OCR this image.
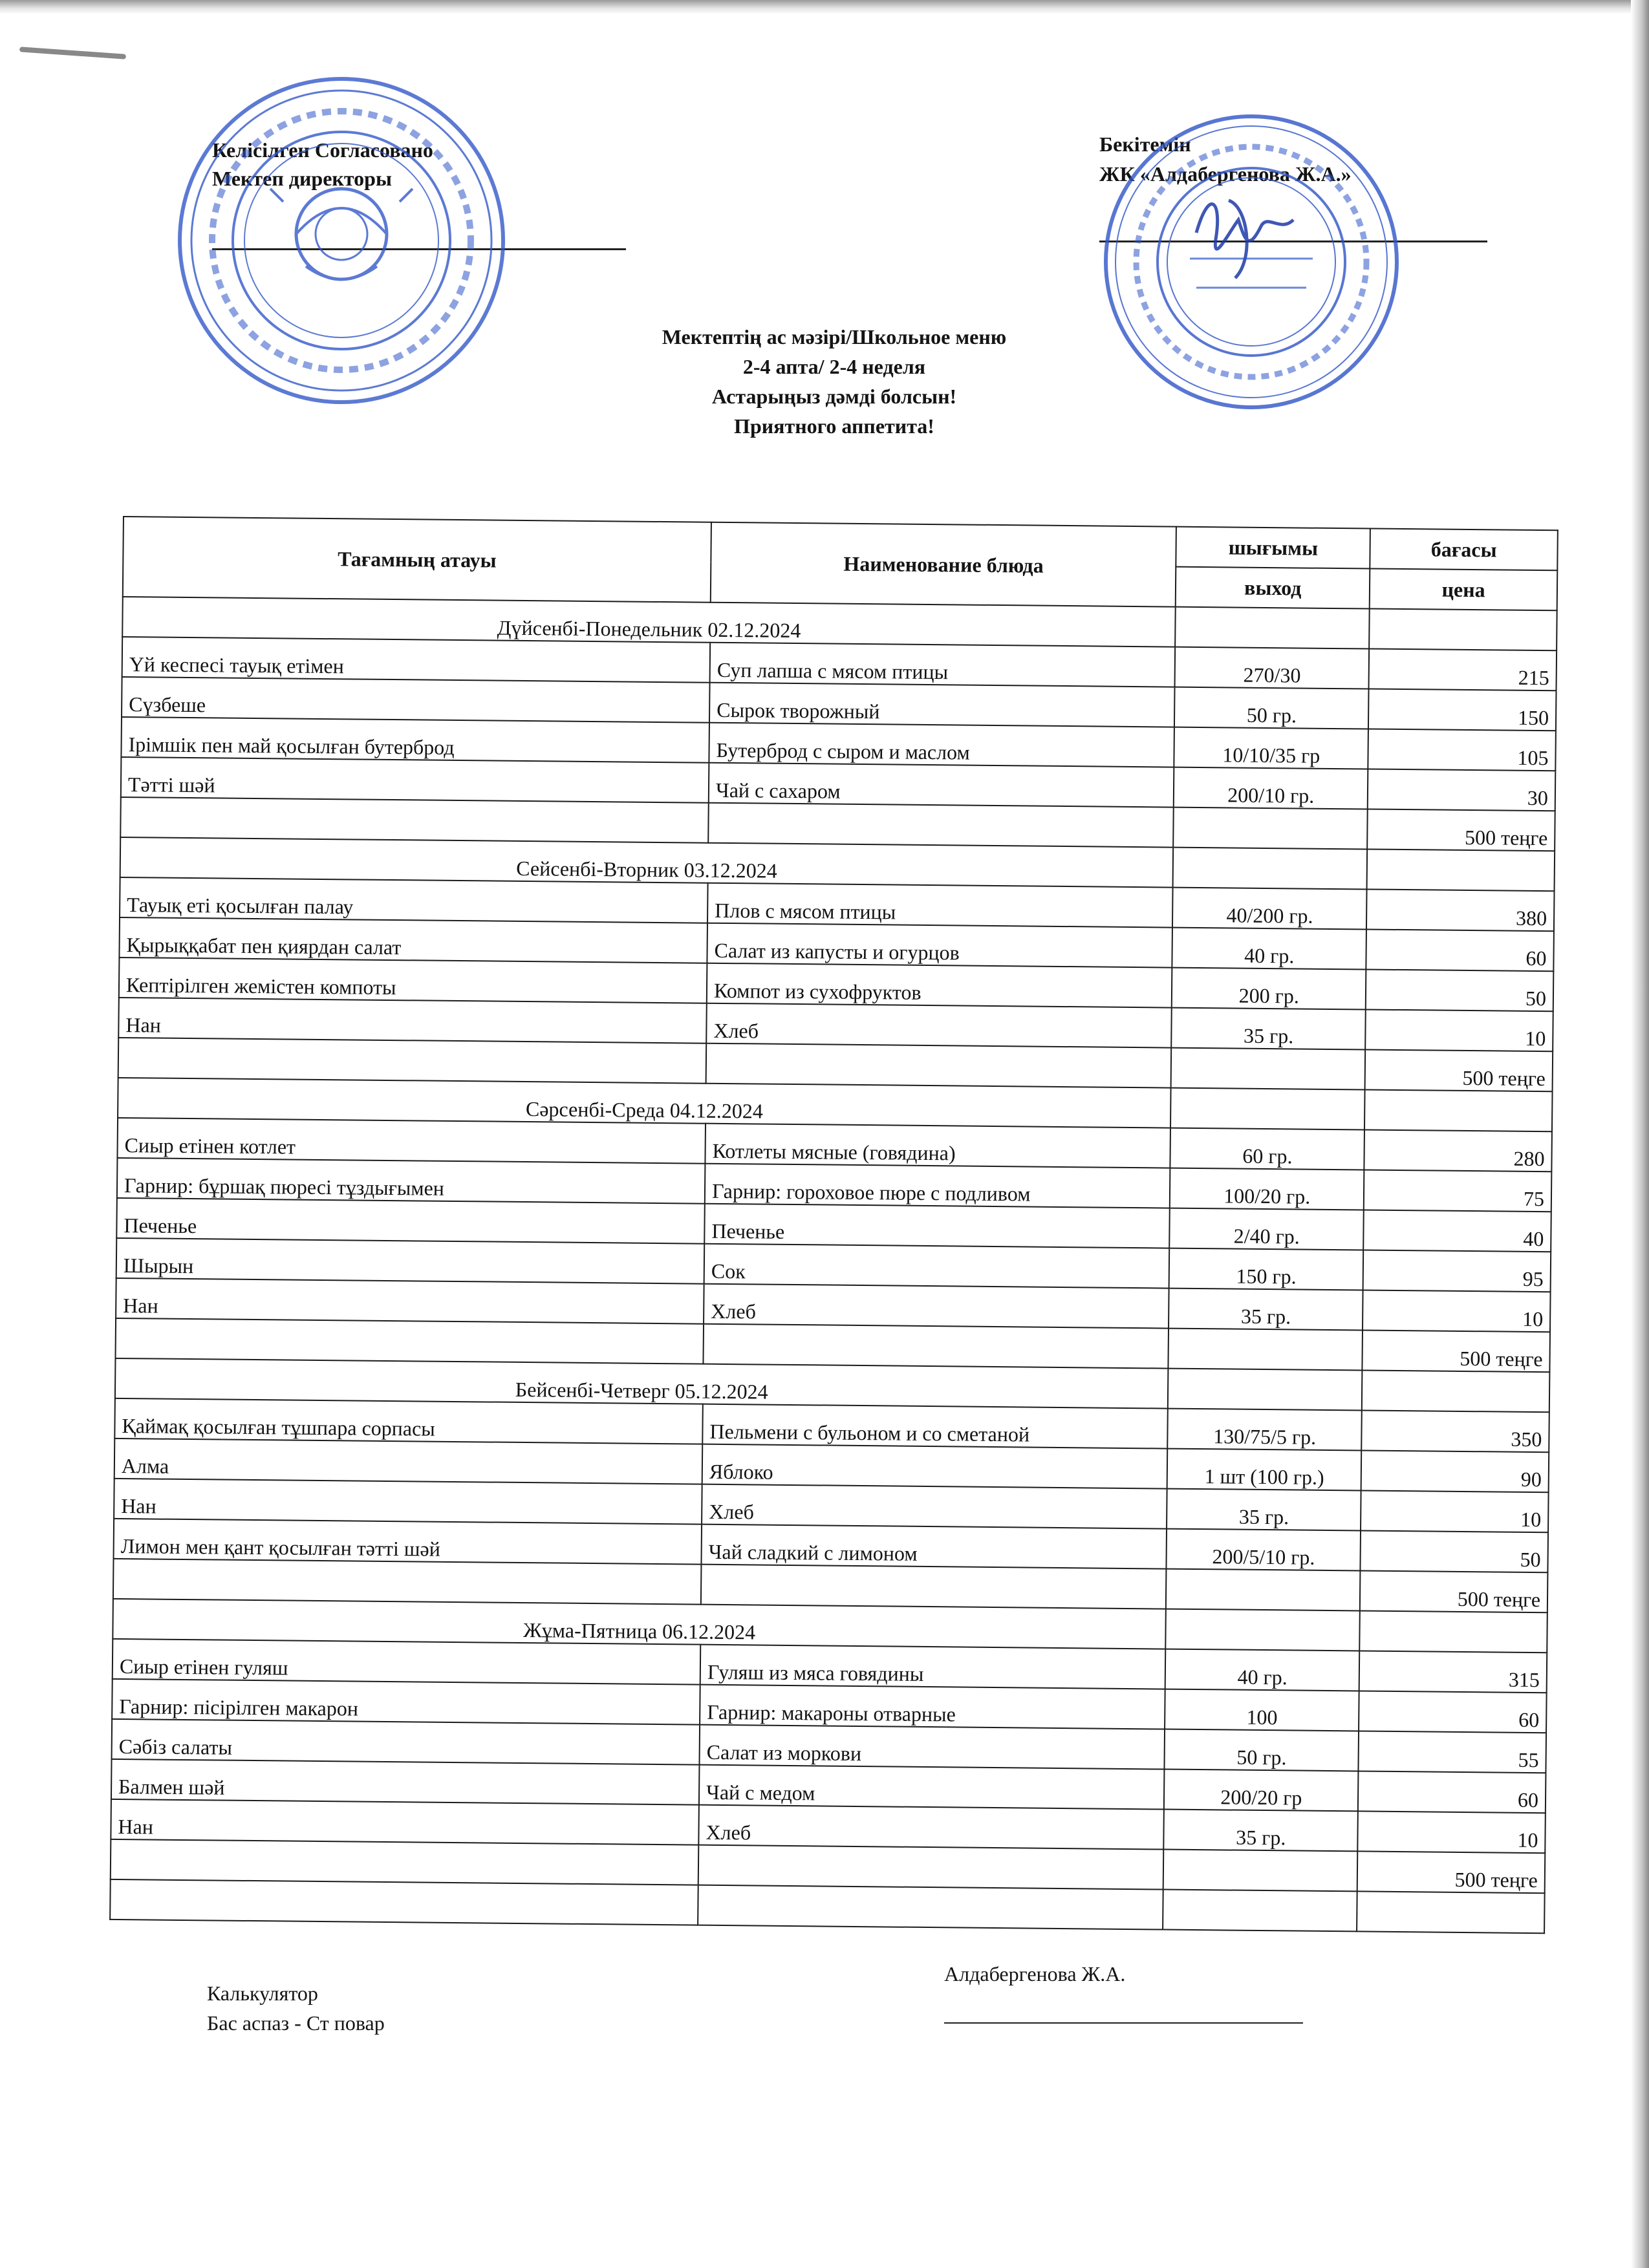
Келісілген Согласовано
Мектеп директоры
Бекітемін
ЖК «Алдабергенова Ж.А.»
Мектептің ас мәзірі/Школьное меню
2-4 апта/ 2-4 неделя
Астарыңыз дәмді болсын!
Приятного аппетита!
Тағамның атауы	Наименование блюда	шығымы	бағасы
		выход	цена
Дүйсенбі-Понедельник 02.12.2024			
Үй кеспесі тауық етімен	Суп лапша с мясом птицы	270/30	215
Сүзбеше	Сырок творожный	50 гр.	150
Ірімшік пен май қосылған бутерброд	Бутерброд с сыром и маслом	10/10/35 гр	105
Тәтті шәй	Чай с сахаром	200/10 гр.	30
			500 теңге
Сейсенбі-Вторник 03.12.2024			
Тауық еті қосылған палау	Плов с мясом птицы	40/200 гр.	380
Қырыққабат пен қиярдан салат	Салат из капусты и огурцов	40 гр.	60
Кептірілген жемістен компоты	Компот из сухофруктов	200 гр.	50
Нан	Хлеб	35 гр.	10
			500 теңге
Сәрсенбі-Среда 04.12.2024			
Сиыр етінен котлет	Котлеты мясные (говядина)	60 гр.	280
Гарнир: бұршақ пюресі тұздығымен	Гарнир: гороховое пюре с подливом	100/20 гр.	75
Печенье	Печенье	2/40 гр.	40
Шырын	Сок	150 гр.	95
Нан	Хлеб	35 гр.	10
			500 теңге
Бейсенбі-Четверг 05.12.2024			
Қаймақ қосылған тұшпара сорпасы	Пельмени с бульоном и со сметаной	130/75/5 гр.	350
Алма	Яблоко	1 шт (100 гр.)	90
Нан	Хлеб	35 гр.	10
Лимон мен қант қосылған тәтті шәй	Чай сладкий с лимоном	200/5/10 гр.	50
			500 теңге
Жұма-Пятница 06.12.2024			
Сиыр етінен гуляш	Гуляш из мяса говядины	40 гр.	315
Гарнир: пісірілген макарон	Гарнир: макароны отварные	100	60
Сәбіз салаты	Салат из моркови	50 гр.	55
Балмен шәй	Чай с медом	200/20 гр	60
Нан	Хлеб	35 гр.	10
			500 теңге

Калькулятор
Бас аспаз - Ст повар
Алдабергенова Ж.А.
